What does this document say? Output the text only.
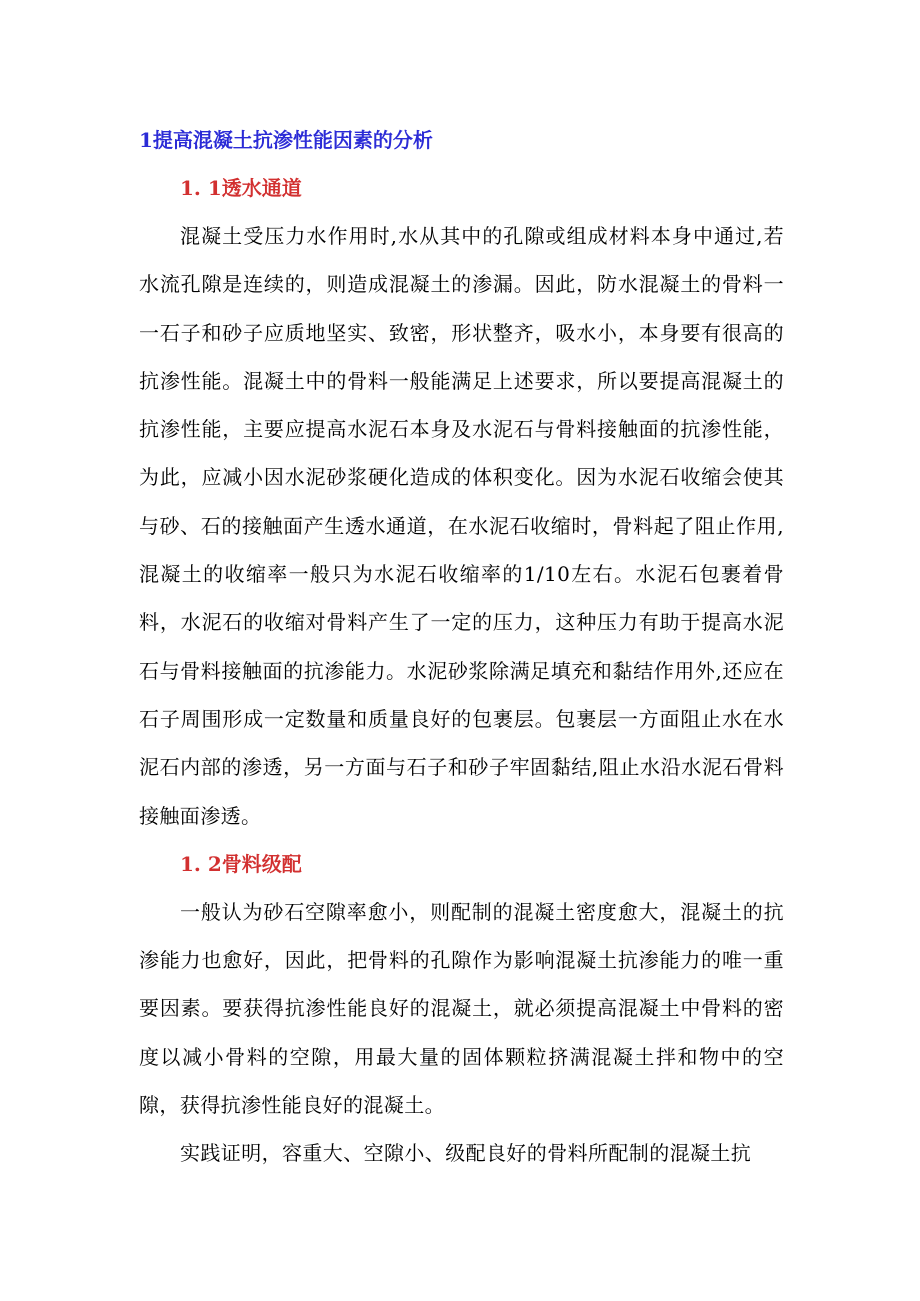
1提高混凝土抗渗性能因素的分析
1. 1透水通道

混凝土受压力水作用时,水从其中的孔隙或组成材料本身中通过,若水流孔隙是连续的，则造成混凝土的渗漏。因此，防水混凝土的骨料一一石子和砂子应质地坚实、致密，形状整齐，吸水小，本身要有很高的抗渗性能。混凝土中的骨料一般能满足上述要求，所以要提高混凝土的抗渗性能，主要应提高水泥石本身及水泥石与骨料接触面的抗渗性能，为此，应减小因水泥砂浆硬化造成的体积变化。因为水泥石收缩会使其与砂、石的接触面产生透水通道，在水泥石收缩时，骨料起了阻止作用,混凝土的收缩率一般只为水泥石收缩率的1/10左右。水泥石包裹着骨料，水泥石的收缩对骨料产生了一定的压力，这种压力有助于提高水泥石与骨料接触面的抗渗能力。水泥砂浆除满足填充和黏结作用外,还应在石子周围形成一定数量和质量良好的包裹层。包裹层一方面阻止水在水泥石内部的渗透，另一方面与石子和砂子牢固黏结,阻止水沿水泥石骨料接触面渗透。

1. 2骨料级配

一般认为砂石空隙率愈小，则配制的混凝土密度愈大，混凝土的抗渗能力也愈好，因此，把骨料的孔隙作为影响混凝土抗渗能力的唯一重要因素。要获得抗渗性能良好的混凝土，就必须提高混凝土中骨料的密度以减小骨料的空隙，用最大量的固体颗粒挤满混凝土拌和物中的空隙，获得抗渗性能良好的混凝土。

实践证明，容重大、空隙小、级配良好的骨料所配制的混凝土抗
